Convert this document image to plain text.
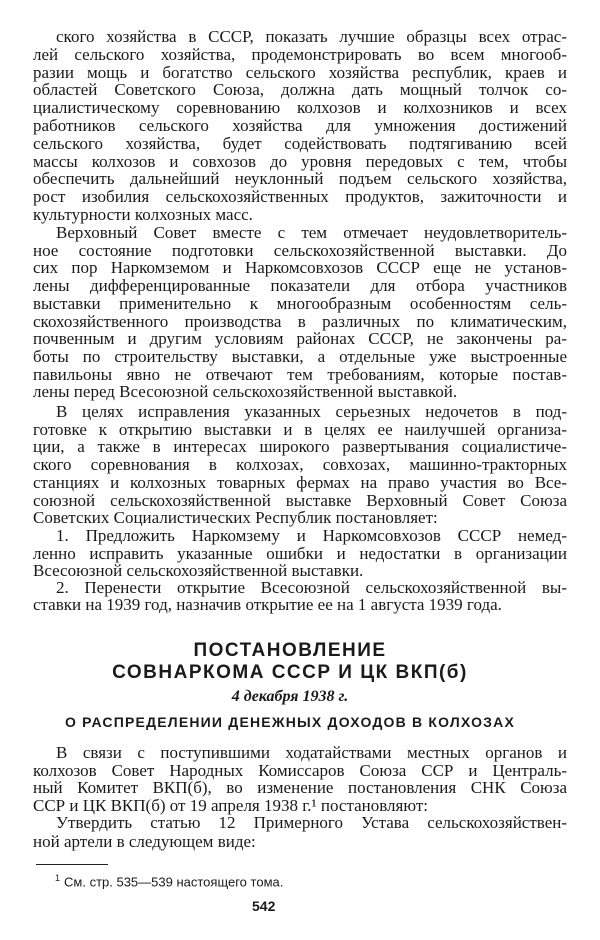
ПОСТАНОВЛЕНИЕ
СОВНАРКОМА СССР И ЦК ВКП(б)
4 декабря 1938 г.
О РАСПРЕДЕЛЕНИИ ДЕНЕЖНЫХ ДОХОДОВ В КОЛХОЗАХ
$^1$ См. стр. 535—539 настоящего тома.
542
ского хозяйства в СССР, показать лучшие образцы всех отрас-
лей сельского хозяйства, продемонстрировать во всем многооб-
разии мощь и богатство сельского хозяйства республик, краев и
областей Советского Союза, должна дать мощный толчок со-
циалистическому соревнованию колхозов и колхозников и всех
работников сельского хозяйства для умножения достижений
сельского хозяйства, будет содействовать подтягиванию всей
массы колхозов и совхозов до уровня передовых с тем, чтобы
обеспечить дальнейший неуклонный подъем сельского хозяйства,
рост изобилия сельскохозяйственных продуктов, зажиточности и
культурности колхозных масс.
Верховный Совет вместе с тем отмечает неудовлетворитель-
ное состояние подготовки сельскохозяйственной выставки. До
сих пор Наркомземом и Наркомсовхозов СССР еще не установ-
лены дифференцированные показатели для отбора участников
выставки применительно к многообразным особенностям сель-
скохозяйственного производства в различных по климатическим,
почвенным и другим условиям районах СССР, не закончены ра-
боты по строительству выставки, а отдельные уже выстроенные
павильоны явно не отвечают тем требованиям, которые постав-
лены перед Всесоюзной сельскохозяйственной выставкой.
В целях исправления указанных серьезных недочетов в под-
готовке к открытию выставки и в целях ее наилучшей организа-
ции, а также в интересах широкого развертывания социалистиче-
ского соревнования в колхозах, совхозах, машинно-тракторных
станциях и колхозных товарных фермах на право участия во Все-
союзной сельскохозяйственной выставке Верховный Совет Союза
Советских Социалистических Республик постановляет:
1. Предложить Наркомзему и Наркомсовхозов СССР немед-
ленно исправить указанные ошибки и недостатки в организации
Всесоюзной сельскохозяйственной выставки.
2. Перенести открытие Всесоюзной сельскохозяйственной вы-
ставки на 1939 год, назначив открытие ее на 1 августа 1939 года.
В связи с поступившими ходатайствами местных органов и
колхозов Совет Народных Комиссаров Союза ССР и Централь-
ный Комитет ВКП(б), во изменение постановления СНК Союза
ССР и ЦК ВКП(б) от 19 апреля 1938 г.¹ постановляют:
Утвердить статью 12 Примерного Устава сельскохозяйствен-
ной артели в следующем виде:
